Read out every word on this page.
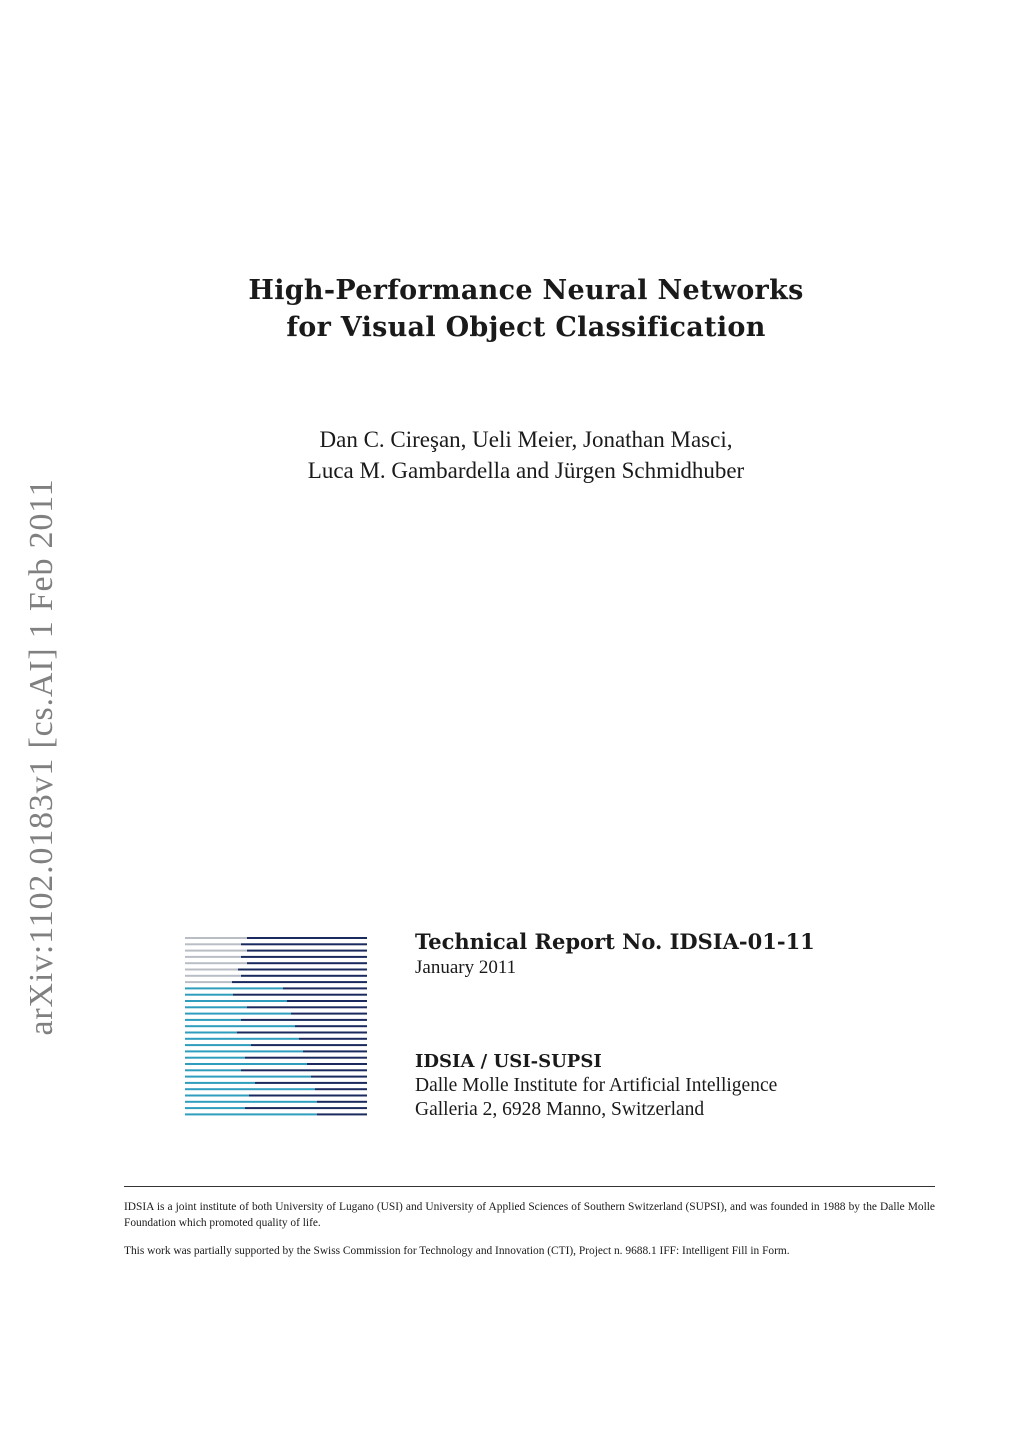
arXiv:1102.0183v1 [cs.AI] 1 Feb 2011
High-Performance Neural Networks
for Visual Object Classification
Dan C. Cireşan, Ueli Meier, Jonathan Masci,
Luca M. Gambardella and Jürgen Schmidhuber
Technical Report No. IDSIA-01-11
January 2011
IDSIA / USI-SUPSI
Dalle Molle Institute for Artificial Intelligence
Galleria 2, 6928 Manno, Switzerland

IDSIA is a joint institute of both University of Lugano (USI) and University of Applied Sciences of Southern Switzerland (SUPSI), and was founded in 1988 by the Dalle Molle Foundation which promoted quality of life.

This work was partially supported by the Swiss Commission for Technology and Innovation (CTI), Project n. 9688.1 IFF: Intelligent Fill in Form.
